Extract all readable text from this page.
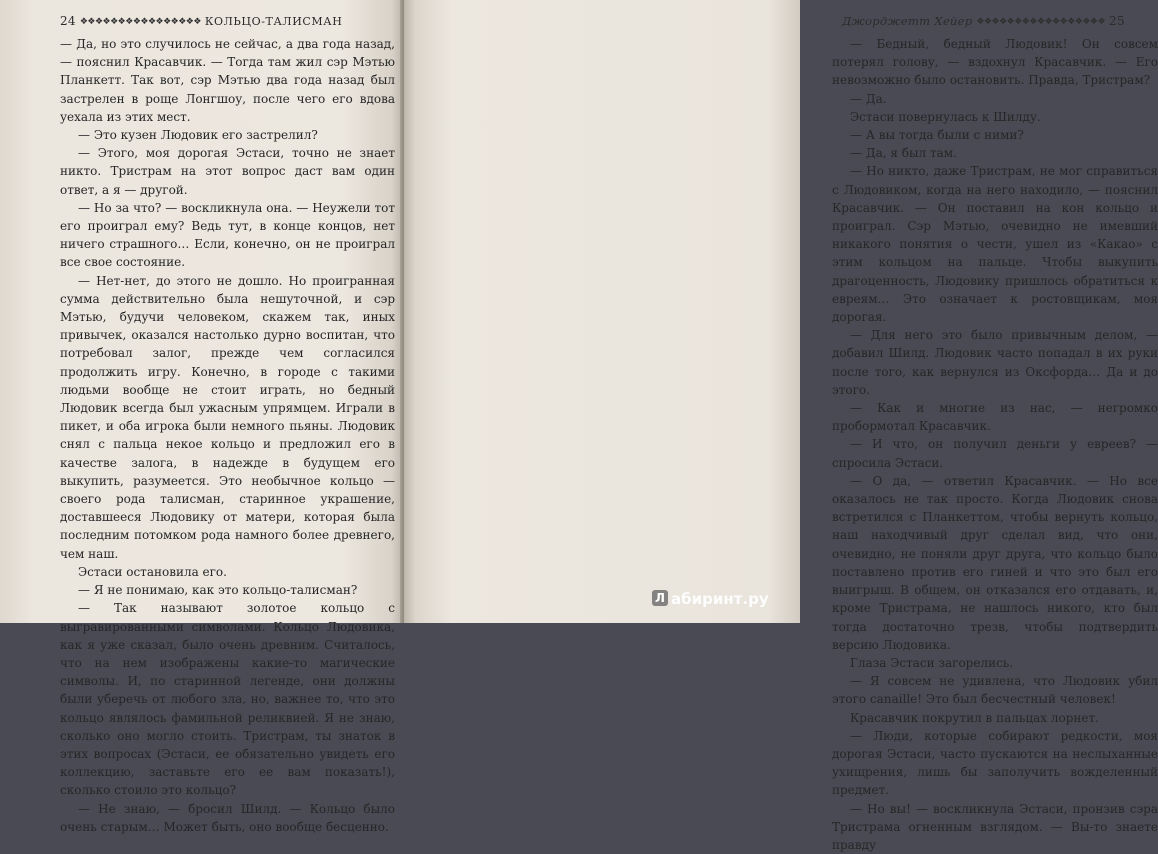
24 ❖❖❖❖❖❖❖❖❖❖❖❖❖❖❖❖ КОЛЬЦО-ТАЛИСМАН

— Да, но это случилось не сейчас, а два года назад, — пояснил Красавчик. — Тогда там жил сэр Мэтью Планкетт. Так вот, сэр Мэтью два года назад был застрелен в роще Лонгшоу, после чего его вдова уехала из этих мест.

— Это кузен Людовик его застрелил?

— Этого, моя дорогая Эстаси, точно не знает никто. Тристрам на этот вопрос даст вам один ответ, а я — другой.

— Но за что? — воскликнула она. — Неужели тот его проиграл ему? Ведь тут, в конце концов, нет ничего страшного… Если, конечно, он не проиграл все свое состояние.

— Нет-нет, до этого не дошло. Но проигранная сумма действительно была нешуточной, и сэр Мэтью, будучи человеком, скажем так, иных привычек, оказался настолько дурно воспитан, что потребовал залог, прежде чем согласился продолжить игру. Конечно, в городе с такими людьми вообще не стоит играть, но бедный Людовик всегда был ужасным упрямцем. Играли в пикет, и оба игрока были немного пьяны. Людовик снял с пальца некое кольцо и предложил его в качестве залога, в надежде в будущем его выкупить, разумеется. Это необычное кольцо — своего рода талисман, старинное украшение, доставшееся Людовику от матери, которая была последним потомком рода намного более древнего, чем наш.

Эстаси остановила его.

— Я не понимаю, как это кольцо-талисман?

— Так называют золотое кольцо с выгравированными символами. Кольцо Людовика, как я уже сказал, было очень древним. Считалось, что на нем изображены какие-то магические символы. И, по старинной легенде, они должны были уберечь от любого зла, но, важнее то, что это кольцо являлось фамильной реликвией. Я не знаю, сколько оно могло стоить. Тристрам, ты знаток в этих вопросах (Эстаси, ее обязательно увидеть его коллекцию, заставьте его ее вам показать!), сколько стоило это кольцо?

— Не знаю, — бросил Шилд. — Кольцо было очень старым… Может быть, оно вообще бесценно.

Джорджетт Хейер ❖❖❖❖❖❖❖❖❖❖❖❖❖❖❖❖❖ 25

— Бедный, бедный Людовик! Он совсем потерял голову, — вздохнул Красавчик. — Его невозможно было остановить. Правда, Тристрам?

— Да.

Эстаси повернулась к Шилду.

— А вы тогда были с ними?

— Да, я был там.

— Но никто, даже Тристрам, не мог справиться с Людовиком, когда на него находило, — пояснил Красавчик. — Он поставил на кон кольцо и проиграл. Сэр Мэтью, очевидно не имевший никакого понятия о чести, ушел из «Какао» с этим кольцом на пальце. Чтобы выкупить драгоценность, Людовику пришлось обратиться к евреям… Это означает к ростовщикам, моя дорогая.

— Для него это было привычным делом, — добавил Шилд. Людовик часто попадал в их руки после того, как вернулся из Оксфорда… Да и до этого.

— Как и многие из нас, — негромко пробормотал Красавчик.

— И что, он получил деньги у евреев? — спросила Эстаси.

— О да, — ответил Красавчик. — Но все оказалось не так просто. Когда Людовик снова встретился с Планкеттом, чтобы вернуть кольцо, наш находчивый друг сделал вид, что они, очевидно, не поняли друг друга, что кольцо было поставлено против его гиней и что это был его выигрыш. В общем, он отказался его отдавать, и, кроме Тристрама, не нашлось никого, кто был тогда достаточно трезв, чтобы подтвердить версию Людовика.

Глаза Эстаси загорелись.

— Я совсем не удивлена, что Людовик убил этого canaille! Это был бесчестный человек!

Красавчик покрутил в пальцах лорнет.

— Люди, которые собирают редкости, моя дорогая Эстаси, часто пускаются на неслыханные ухищрения, лишь бы заполучить вожделенный предмет.

— Но вы! — воскликнула Эстаси, пронзив сэра Тристрама огненным взглядом. — Вы-то знаете правду

Л абиринт.ру
